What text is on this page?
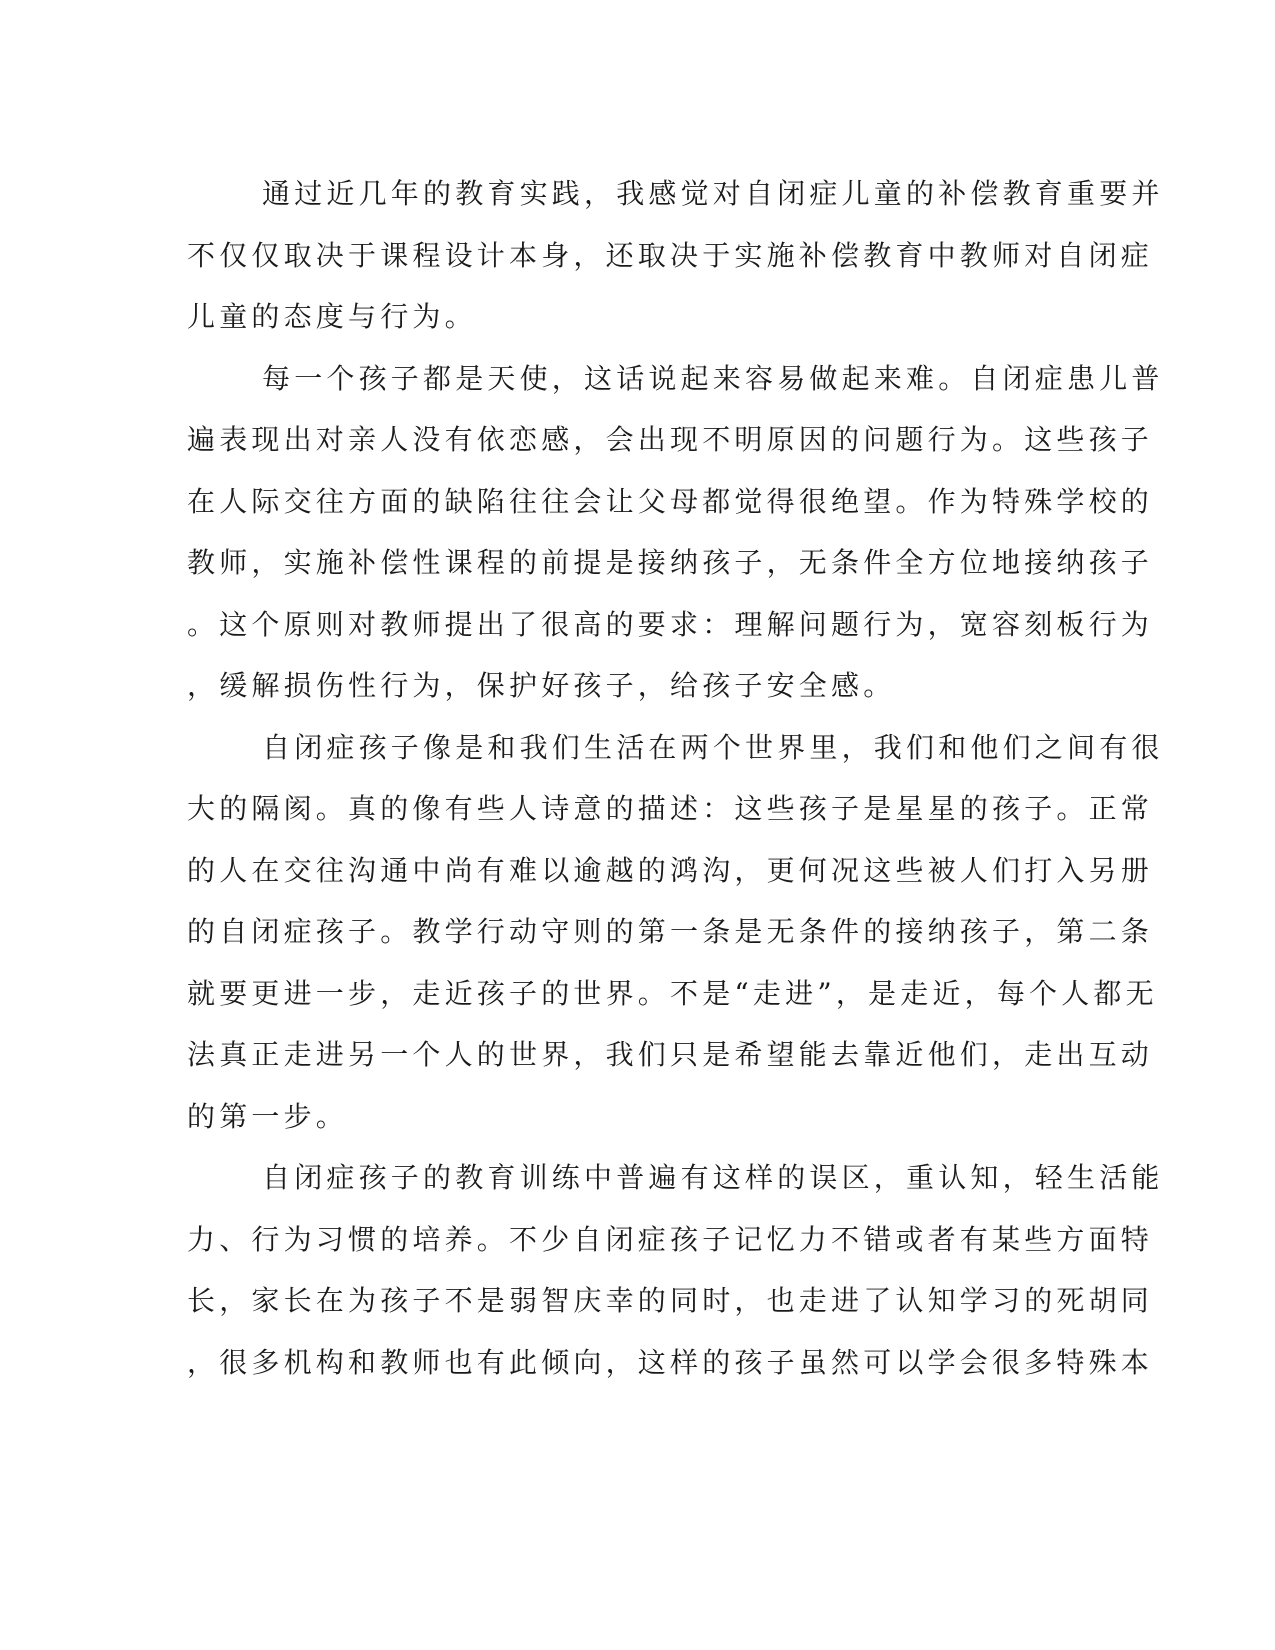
通过近几年的教育实践，我感觉对自闭症儿童的补偿教育重要并
不仅仅取决于课程设计本身，还取决于实施补偿教育中教师对自闭症
儿童的态度与行为。
每一个孩子都是天使，这话说起来容易做起来难。自闭症患儿普
遍表现出对亲人没有依恋感，会出现不明原因的问题行为。这些孩子
在人际交往方面的缺陷往往会让父母都觉得很绝望。作为特殊学校的
教师，实施补偿性课程的前提是接纳孩子，无条件全方位地接纳孩子
。这个原则对教师提出了很高的要求：理解问题行为，宽容刻板行为
，缓解损伤性行为，保护好孩子，给孩子安全感。
自闭症孩子像是和我们生活在两个世界里，我们和他们之间有很
大的隔阂。真的像有些人诗意的描述：这些孩子是星星的孩子。正常
的人在交往沟通中尚有难以逾越的鸿沟，更何况这些被人们打入另册
的自闭症孩子。教学行动守则的第一条是无条件的接纳孩子，第二条
就要更进一步，走近孩子的世界。不是“走进”，是走近，每个人都无
法真正走进另一个人的世界，我们只是希望能去靠近他们，走出互动
的第一步。
自闭症孩子的教育训练中普遍有这样的误区，重认知，轻生活能
力、行为习惯的培养。不少自闭症孩子记忆力不错或者有某些方面特
长，家长在为孩子不是弱智庆幸的同时，也走进了认知学习的死胡同
，很多机构和教师也有此倾向，这样的孩子虽然可以学会很多特殊本
